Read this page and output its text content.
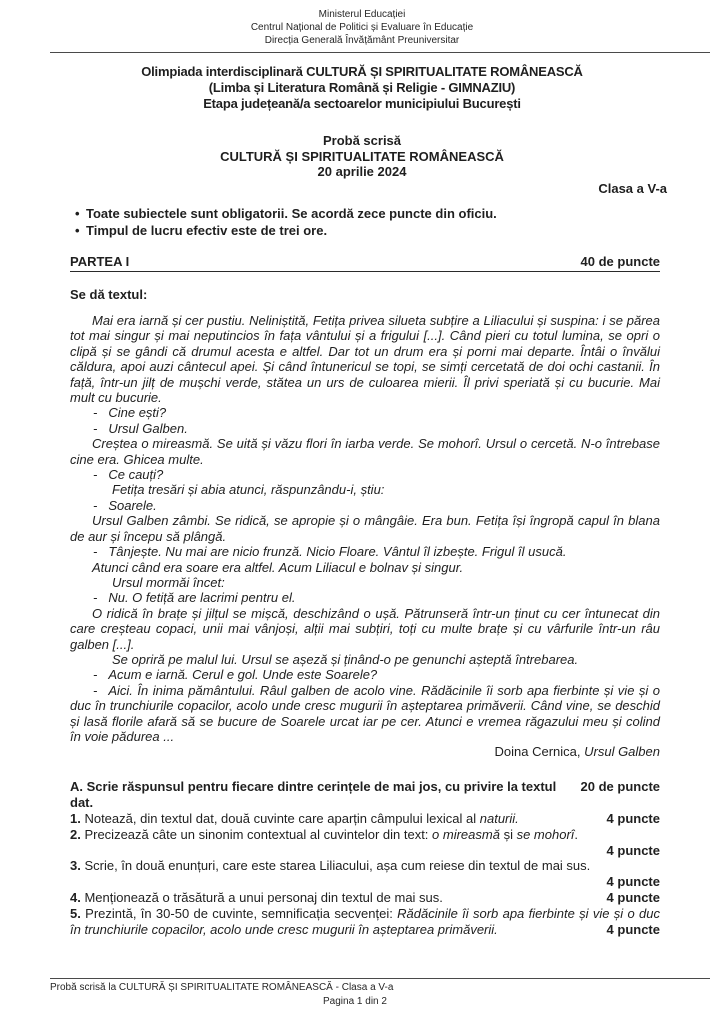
Ministerul Educației
Centrul Național de Politici și Evaluare în Educație
Direcția Generală Învățământ Preuniversitar
Olimpiada interdisciplinară CULTURĂ ȘI SPIRITUALITATE ROMÂNEASCĂ
(Limba și Literatura Română și Religie - GIMNAZIU)
Etapa județeană/a sectoarelor municipiului București
Probă scrisă
CULTURĂ ȘI SPIRITUALITATE ROMÂNEASCĂ
20 aprilie 2024
Clasa a V-a
• Toate subiectele sunt obligatorii. Se acordă zece puncte din oficiu.
• Timpul de lucru efectiv este de trei ore.
PARTEA I	40 de puncte
Se dă textul:

Mai era iarnă și cer pustiu. Neliniștită, Fetița privea silueta subțire a Liliacului și suspina: i se părea tot mai singur și mai neputincios în fața vântului și a frigului [...]. Când pieri cu totul lumina, se opri o clipă și se gândi că drumul acesta e altfel. Dar tot un drum era și porni mai departe. Întâi o învălui căldura, apoi auzi cântecul apei. Și când întunericul se topi, se simți cercetată de doi ochi castanii. În față, într-un jilț de mușchi verde, stătea un urs de culoarea mierii. Îl privi speriată și cu bucurie. Mai mult cu bucurie.

- Cine ești?

- Ursul Galben.

Creștea o mireasmă. Se uită și văzu flori în iarba verde. Se mohorî. Ursul o cercetă. N-o întrebase cine era. Ghicea multe.

- Ce cauți?

Fetița tresări și abia atunci, răspunzându-i, știu:

- Soarele.

Ursul Galben zâmbi. Se ridică, se apropie și o mângâie. Era bun. Fetița își îngropă capul în blana de aur și începu să plângă.

- Tânjește. Nu mai are nicio frunză. Nicio Floare. Vântul îl izbește. Frigul îl usucă.

Atunci când era soare era altfel. Acum Liliacul e bolnav și singur.

Ursul mormăi încet:

- Nu. O fetiță are lacrimi pentru el.

O ridică în brațe și jilțul se mișcă, deschizând o ușă. Pătrunseră într-un ținut cu cer întunecat din care creșteau copaci, unii mai vânjoși, alții mai subțiri, toți cu multe brațe și cu vârfurile într-un râu galben [...].

Se opriră pe malul lui. Ursul se așeză și ținând-o pe genunchi așteptă întrebarea.

- Acum e iarnă. Cerul e gol. Unde este Soarele?

- Aici. În inima pământului. Râul galben de acolo vine. Rădăcinile îi sorb apa fierbinte și vie și o duc în trunchiurile copacilor, acolo unde cresc mugurii în așteptarea primăverii. Când vine, se deschid și lasă florile afară să se bucure de Soarele urcat iar pe cer. Atunci e vremea răgazului meu și colind în voie pădurea ...

Doina Cernica, Ursul Galben
A. Scrie răspunsul pentru fiecare dintre cerințele de mai jos, cu privire la textul dat.
20 de puncte
1. Notează, din textul dat, două cuvinte care aparțin câmpului lexical al naturii.	4 puncte
2. Precizează câte un sinonim contextual al cuvintelor din text: o mireasmă și se mohorî.
4 puncte
3. Scrie, în două enunțuri, care este starea Liliacului, așa cum reiese din textul de mai sus.
4 puncte
4. Menționează o trăsătură a unui personaj din textul de mai sus.	4 puncte
5. Prezintă, în 30-50 de cuvinte, semnificația secvenței: Rădăcinile îi sorb apa fierbinte și vie și o duc în trunchiurile copacilor, acolo unde cresc mugurii în așteptarea primăverii.	4 puncte
Probă scrisă la CULTURĂ ȘI SPIRITUALITATE ROMÂNEASCĂ - Clasa a V-a
Pagina 1 din 2
